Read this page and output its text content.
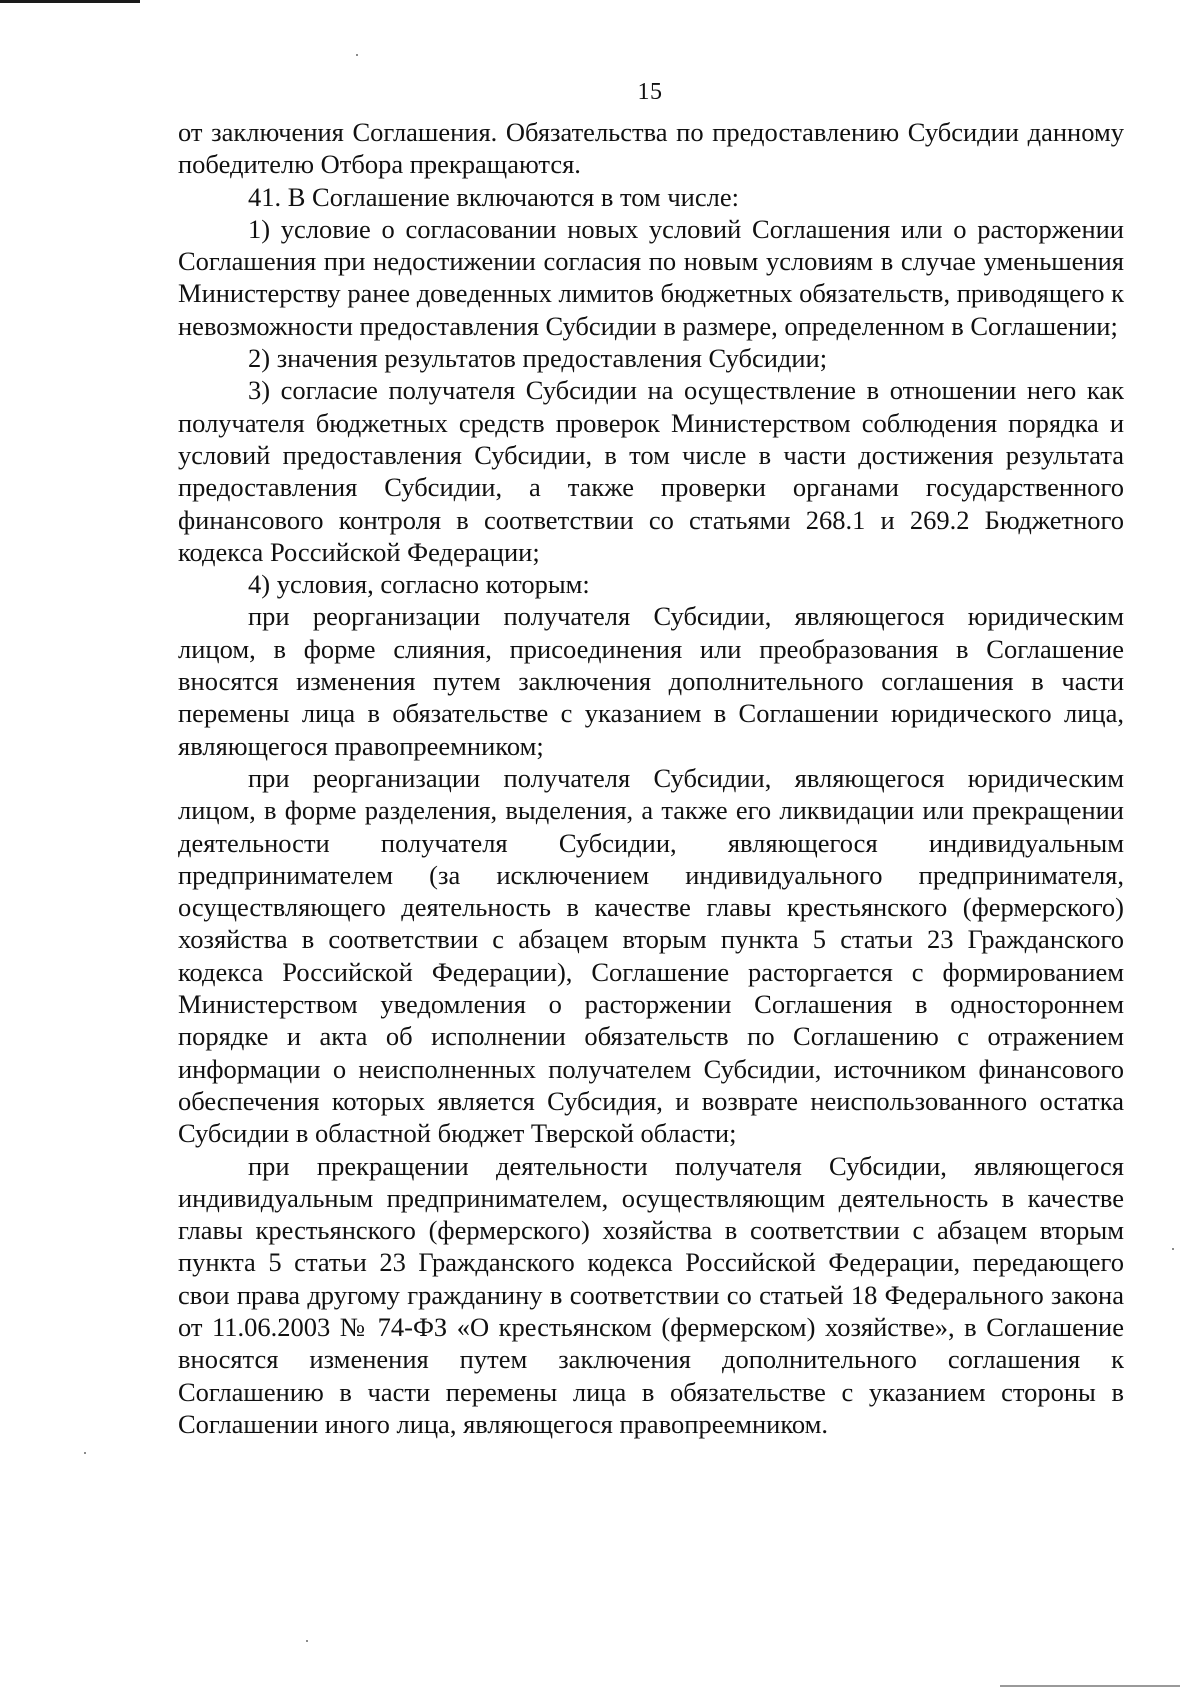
15

от заключения Соглашения. Обязательства по предоставлению Субсидии данному победителю Отбора прекращаются.

41. В Соглашение включаются в том числе:

1) условие о согласовании новых условий Соглашения или о расторжении Соглашения при недостижении согласия по новым условиям в случае уменьшения Министерству ранее доведенных лимитов бюджетных обязательств, приводящего к невозможности предоставления Субсидии в размере, определенном в Соглашении;

2) значения результатов предоставления Субсидии;

3) согласие получателя Субсидии на осуществление в отношении него как получателя бюджетных средств проверок Министерством соблюдения порядка и условий предоставления Субсидии, в том числе в части достижения результата предоставления Субсидии, а также проверки органами государственного финансового контроля в соответствии со статьями 268.1 и 269.2 Бюджетного кодекса Российской Федерации;

4) условия, согласно которым:

при реорганизации получателя Субсидии, являющегося юридическим лицом, в форме слияния, присоединения или преобразования в Соглашение вносятся изменения путем заключения дополнительного соглашения в части перемены лица в обязательстве с указанием в Соглашении юридического лица, являющегося правопреемником;

при реорганизации получателя Субсидии, являющегося юридическим лицом, в форме разделения, выделения, а также его ликвидации или прекращении деятельности получателя Субсидии, являющегося индивидуальным предпринимателем (за исключением индивидуального предпринимателя, осуществляющего деятельность в качестве главы крестьянского (фермерского) хозяйства в соответствии с абзацем вторым пункта 5 статьи 23 Гражданского кодекса Российской Федерации), Соглашение расторгается с формированием Министерством уведомления о расторжении Соглашения в одностороннем порядке и акта об исполнении обязательств по Соглашению с отражением информации о неисполненных получателем Субсидии, источником финансового обеспечения которых является Субсидия, и возврате неиспользованного остатка Субсидии в областной бюджет Тверской области;

при прекращении деятельности получателя Субсидии, являющегося индивидуальным предпринимателем, осуществляющим деятельность в качестве главы крестьянского (фермерского) хозяйства в соответствии с абзацем вторым пункта 5 статьи 23 Гражданского кодекса Российской Федерации, передающего свои права другому гражданину в соответствии со статьей 18 Федерального закона от 11.06.2003 № 74-ФЗ «О крестьянском (фермерском) хозяйстве», в Соглашение вносятся изменения путем заключения дополнительного соглашения к Соглашению в части перемены лица в обязательстве с указанием стороны в Соглашении иного лица, являющегося правопреемником.
